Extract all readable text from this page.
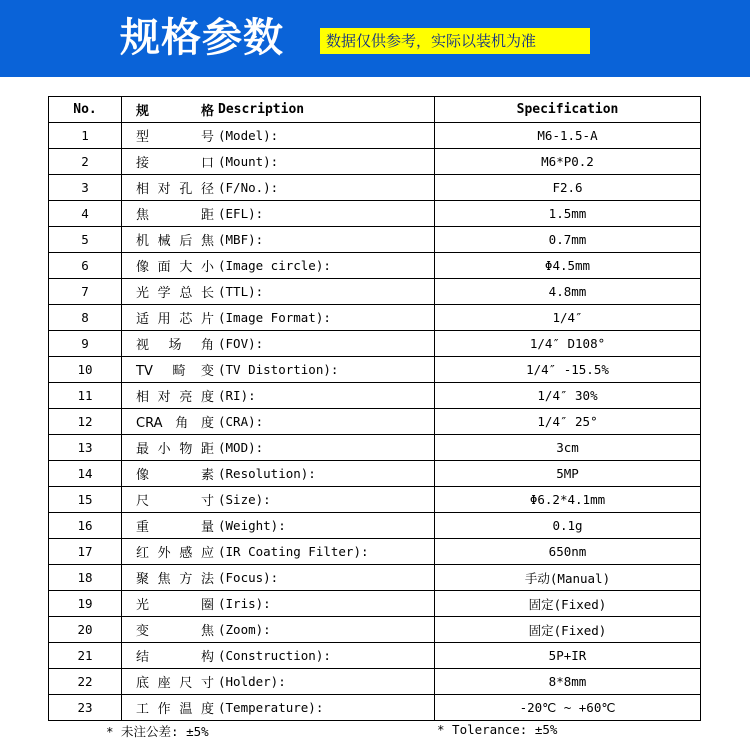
规格参数	数据仅供参考，实际以装机为准
No.	规 格 Description	Specification
1	型号 (Model):	M6-1.5-A
2	接口 (Mount):	M6*P0.2
3	相对孔径 (F/No.):	F2.6
4	焦距 (EFL):	1.5mm
5	机械后焦 (MBF):	0.7mm
6	像面大小 (Image circle):	Φ4.5mm
7	光学总长 (TTL):	4.8mm
8	适用芯片 (Image Format):	1/4″
9	视场角 (FOV):	1/4″ D108°
10	TV 畸变 (TV Distortion):	1/4″ -15.5%
11	相对亮度 (RI):	1/4″ 30%
12	CRA角度 (CRA):	1/4″ 25°
13	最小物距 (MOD):	3cm
14	像素 (Resolution):	5MP
15	尺寸 (Size):	Φ6.2*4.1mm
16	重量 (Weight):	0.1g
17	红外感应 (IR Coating Filter):	650nm
18	聚焦方法 (Focus):	手动(Manual)
19	光圈 (Iris):	固定(Fixed)
20	变焦 (Zoom):	固定(Fixed)
21	结构 (Construction):	5P+IR
22	底座尺寸 (Holder):	8*8mm
23	工作温度 (Temperature):	-20℃ ~ +60℃
* 未注公差: ±5%	* Tolerance: ±5%
